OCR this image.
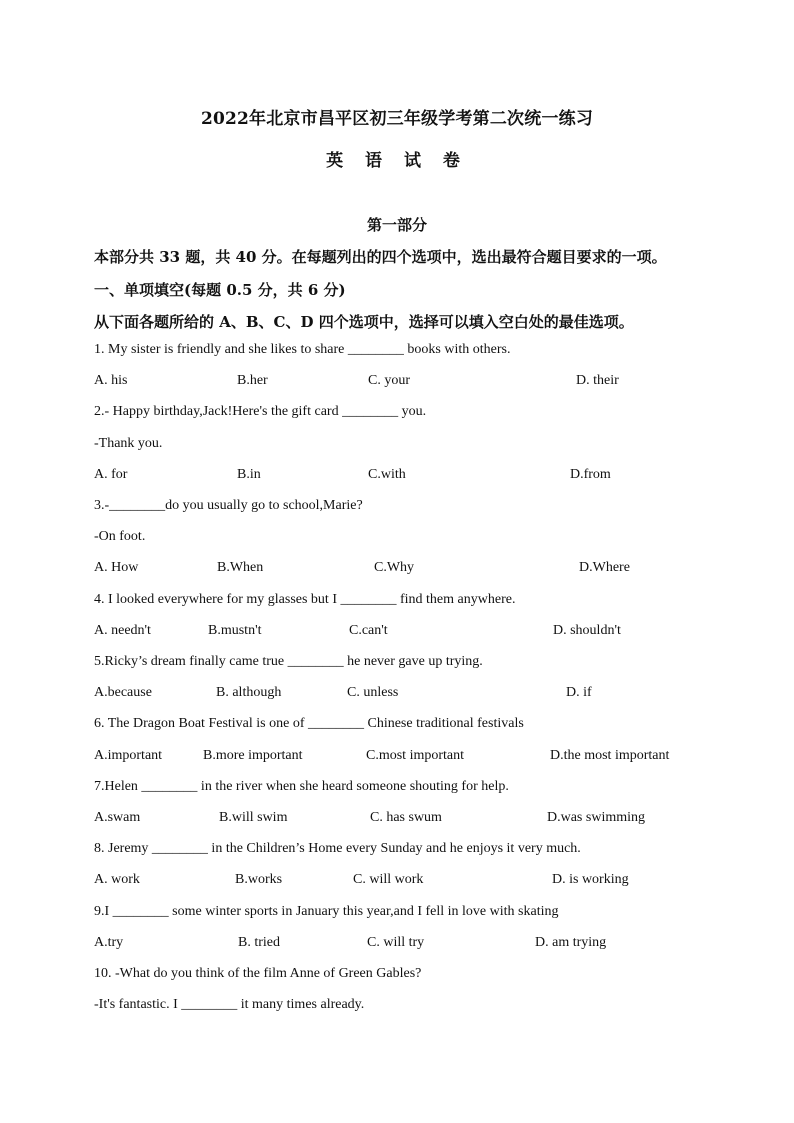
2022年北京市昌平区初三年级学考第二次统一练习
英 语 试 卷
第一部分
本部分共 33 题，共 40 分。在每题列出的四个选项中，选出最符合题目要求的一项。
一、单项填空(每题 0.5 分，共 6 分)
从下面各题所给的 A、B、C、D 四个选项中，选择可以填入空白处的最佳选项。
1. My sister is friendly and she likes to share ________ books with others.
A. his	B.her	C. your	D. their
2.- Happy birthday,Jack!Here's the gift card ________ you.
-Thank you.
A. for	B.in	C.with	D.from
3.-________do you usually go to school,Marie?
-On foot.
A. How	B.When	C.Why	D.Where
4. I looked everywhere for my glasses but I ________ find them anywhere.
A. needn't	B.mustn't	C.can't	D. shouldn't
5.Ricky’s dream finally came true ________ he never gave up trying.
A.because	B. although	C. unless	D. if
6. The Dragon Boat Festival is one of ________ Chinese traditional festivals
A.important	B.more important	C.most important	D.the most important
7.Helen ________ in the river when she heard someone shouting for help.
A.swam	B.will swim	C. has swum	D.was swimming
8. Jeremy ________ in the Children’s Home every Sunday and he enjoys it very much.
A. work	B.works	C. will work	D. is working
9.I ________ some winter sports in January this year,and I fell in love with skating
A.try	B. tried	C. will try	D. am trying
10. -What do you think of the film Anne of Green Gables?
-It's fantastic. I ________ it many times already.
